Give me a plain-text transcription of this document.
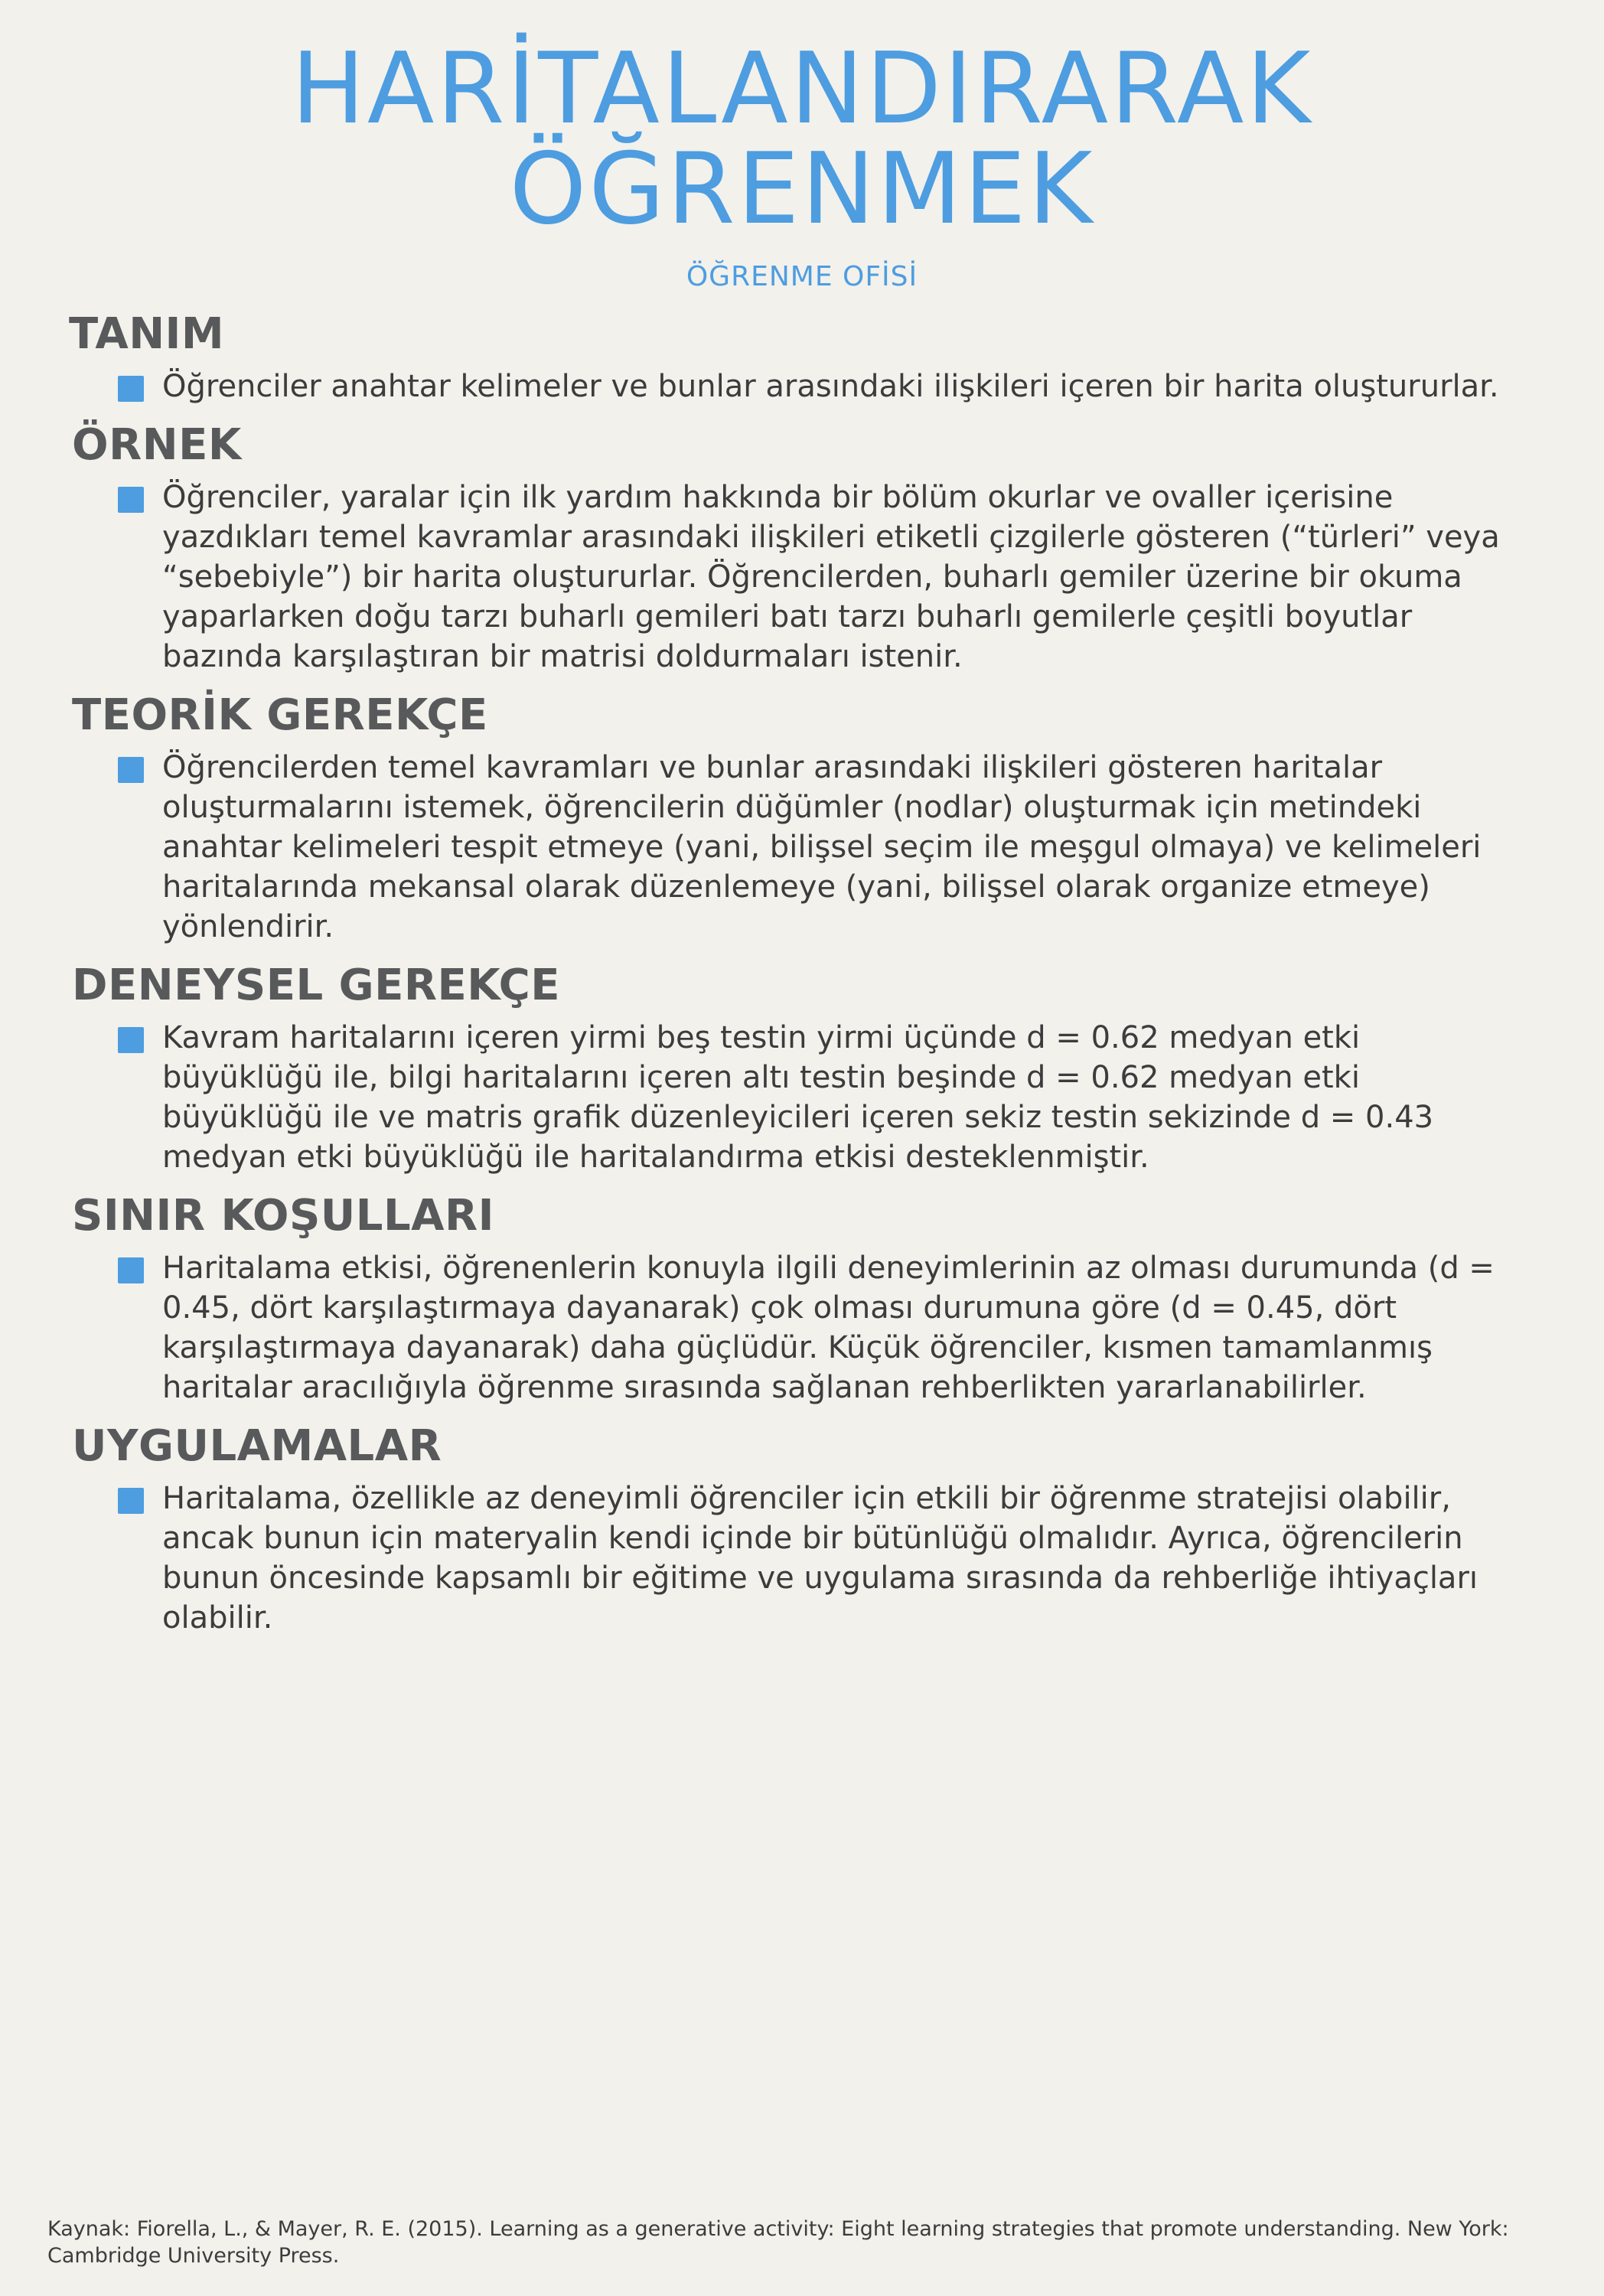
HARİTALANDIRARAK
ÖĞRENMEK
ÖĞRENME OFİSİ
TANIM
Öğrenciler anahtar kelimeler ve bunlar arasındaki ilişkileri içeren bir harita oluştururlar.
ÖRNEK
Öğrenciler, yaralar için ilk yardım hakkında bir bölüm okurlar ve ovaller içerisine yazdıkları temel kavramlar arasındaki ilişkileri etiketli çizgilerle gösteren (“türleri” veya “sebebiyle”) bir harita oluştururlar. Öğrencilerden, buharlı gemiler üzerine bir okuma yaparlarken doğu tarzı buharlı gemileri batı tarzı buharlı gemilerle çeşitli boyutlar bazında karşılaştıran bir matrisi doldurmaları istenir.
TEORİK GEREKÇE
Öğrencilerden temel kavramları ve bunlar arasındaki ilişkileri gösteren haritalar oluşturmalarını istemek, öğrencilerin düğümler (nodlar) oluşturmak için metindeki anahtar kelimeleri tespit etmeye (yani, bilişsel seçim ile meşgul olmaya) ve kelimeleri haritalarında mekansal olarak düzenlemeye (yani, bilişsel olarak organize etmeye) yönlendirir.
DENEYSEL GEREKÇE
Kavram haritalarını içeren yirmi beş testin yirmi üçünde d = 0.62 medyan etki büyüklüğü ile, bilgi haritalarını içeren altı testin beşinde d = 0.62 medyan etki büyüklüğü ile ve matris grafik düzenleyicileri içeren sekiz testin sekizinde d = 0.43 medyan etki büyüklüğü ile haritalandırma etkisi desteklenmiştir.
SINIR KOŞULLARI
Haritalama etkisi, öğrenenlerin konuyla ilgili deneyimlerinin az olması durumunda (d = 0.45, dört karşılaştırmaya dayanarak) çok olması durumuna göre (d = 0.45, dört karşılaştırmaya dayanarak) daha güçlüdür. Küçük öğrenciler, kısmen tamamlanmış haritalar aracılığıyla öğrenme sırasında sağlanan rehberlikten yararlanabilirler.
UYGULAMALAR
Haritalama, özellikle az deneyimli öğrenciler için etkili bir öğrenme stratejisi olabilir, ancak bunun için materyalin kendi içinde bir bütünlüğü olmalıdır. Ayrıca, öğrencilerin bunun öncesinde kapsamlı bir eğitime ve uygulama sırasında da rehberliğe ihtiyaçları olabilir.
Kaynak: Fiorella, L., & Mayer, R. E. (2015). Learning as a generative activity: Eight learning strategies that promote understanding. New York: Cambridge University Press.
